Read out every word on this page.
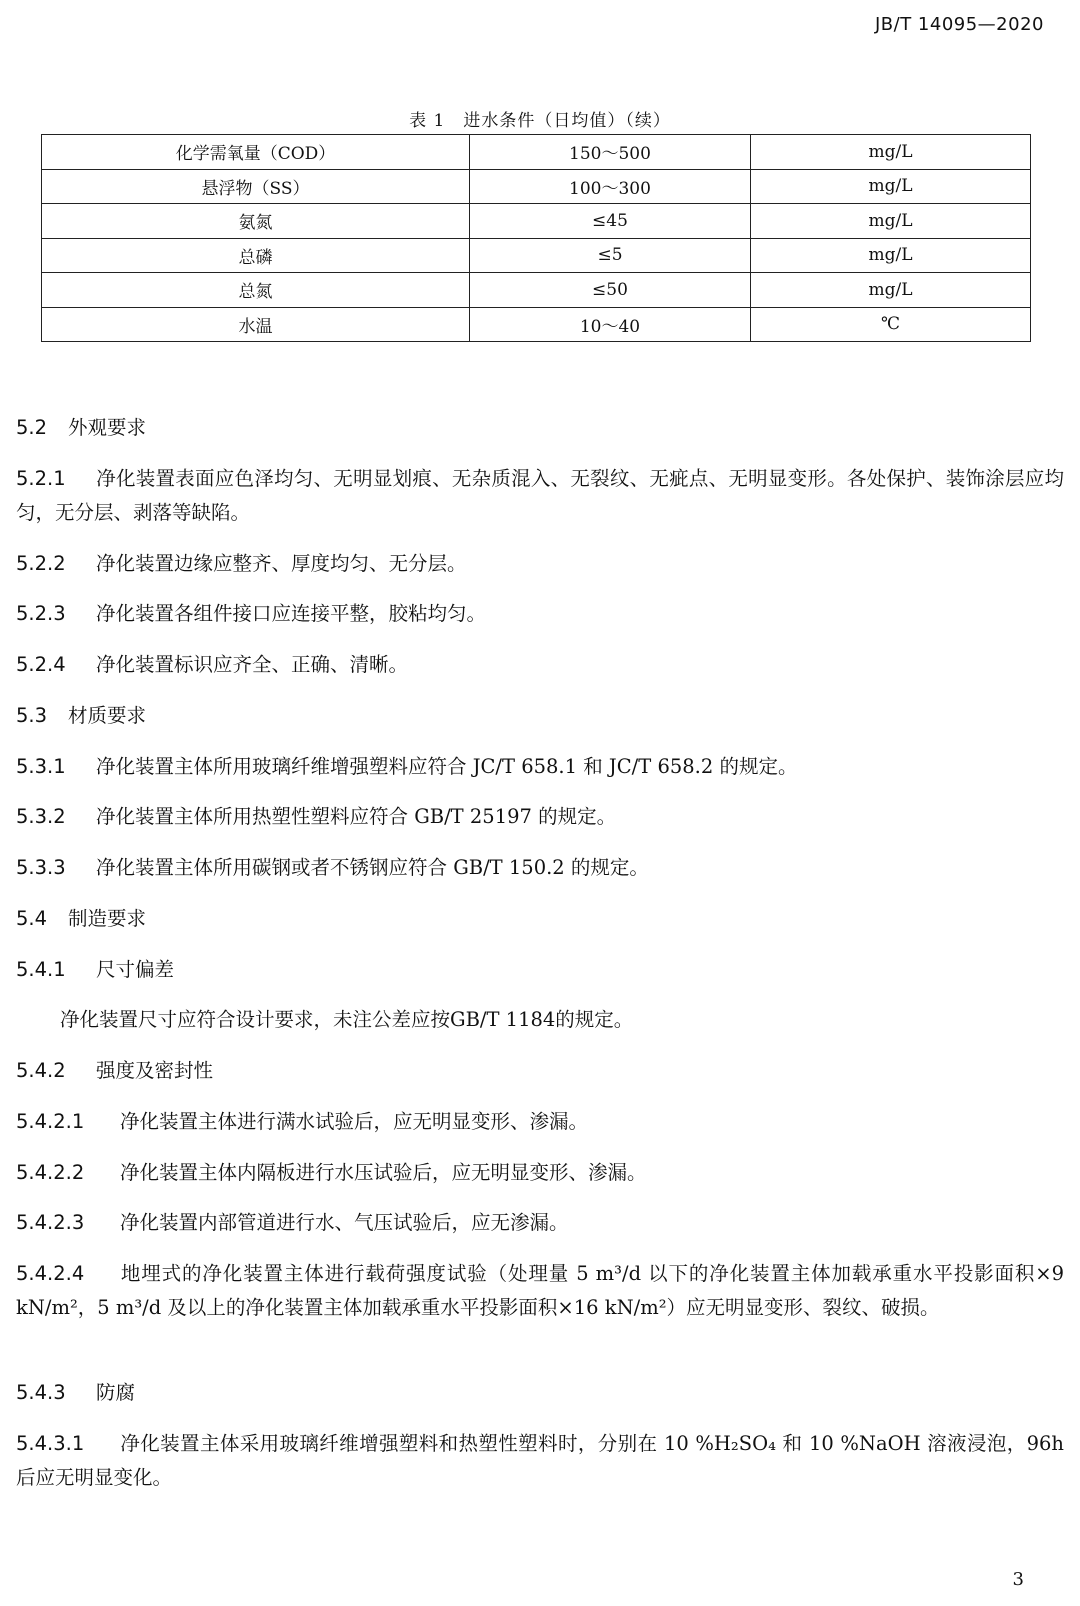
JB/T 14095—2020
表 1　进水条件（日均值）（续）
化学需氧量（COD）	150～500	mg/L
悬浮物（SS）	100～300	mg/L
氨氮	≤45	mg/L
总磷	≤5	mg/L
总氮	≤50	mg/L
水温	10～40	℃
5.2 外观要求
5.2.1 净化装置表面应色泽均匀、无明显划痕、无杂质混入、无裂纹、无疵点、无明显变形。各处保护、装饰涂层应均匀，无分层、剥落等缺陷。
5.2.2 净化装置边缘应整齐、厚度均匀、无分层。
5.2.3 净化装置各组件接口应连接平整，胶粘均匀。
5.2.4 净化装置标识应齐全、正确、清晰。
5.3 材质要求
5.3.1 净化装置主体所用玻璃纤维增强塑料应符合 JC/T 658.1 和 JC/T 658.2 的规定。
5.3.2 净化装置主体所用热塑性塑料应符合 GB/T 25197 的规定。
5.3.3 净化装置主体所用碳钢或者不锈钢应符合 GB/T 150.2 的规定。
5.4 制造要求
5.4.1 尺寸偏差
净化装置尺寸应符合设计要求，未注公差应按GB/T 1184的规定。
5.4.2 强度及密封性
5.4.2.1 净化装置主体进行满水试验后，应无明显变形、渗漏。
5.4.2.2 净化装置主体内隔板进行水压试验后，应无明显变形、渗漏。
5.4.2.3 净化装置内部管道进行水、气压试验后，应无渗漏。
5.4.2.4 地埋式的净化装置主体进行载荷强度试验（处理量 5 m³/d 以下的净化装置主体加载承重水平投影面积×9 kN/m²，5 m³/d 及以上的净化装置主体加载承重水平投影面积×16 kN/m²）应无明显变形、裂纹、破损。
5.4.3 防腐
5.4.3.1 净化装置主体采用玻璃纤维增强塑料和热塑性塑料时，分别在 10 %H₂SO₄ 和 10 %NaOH 溶液浸泡，96h 后应无明显变化。
3
